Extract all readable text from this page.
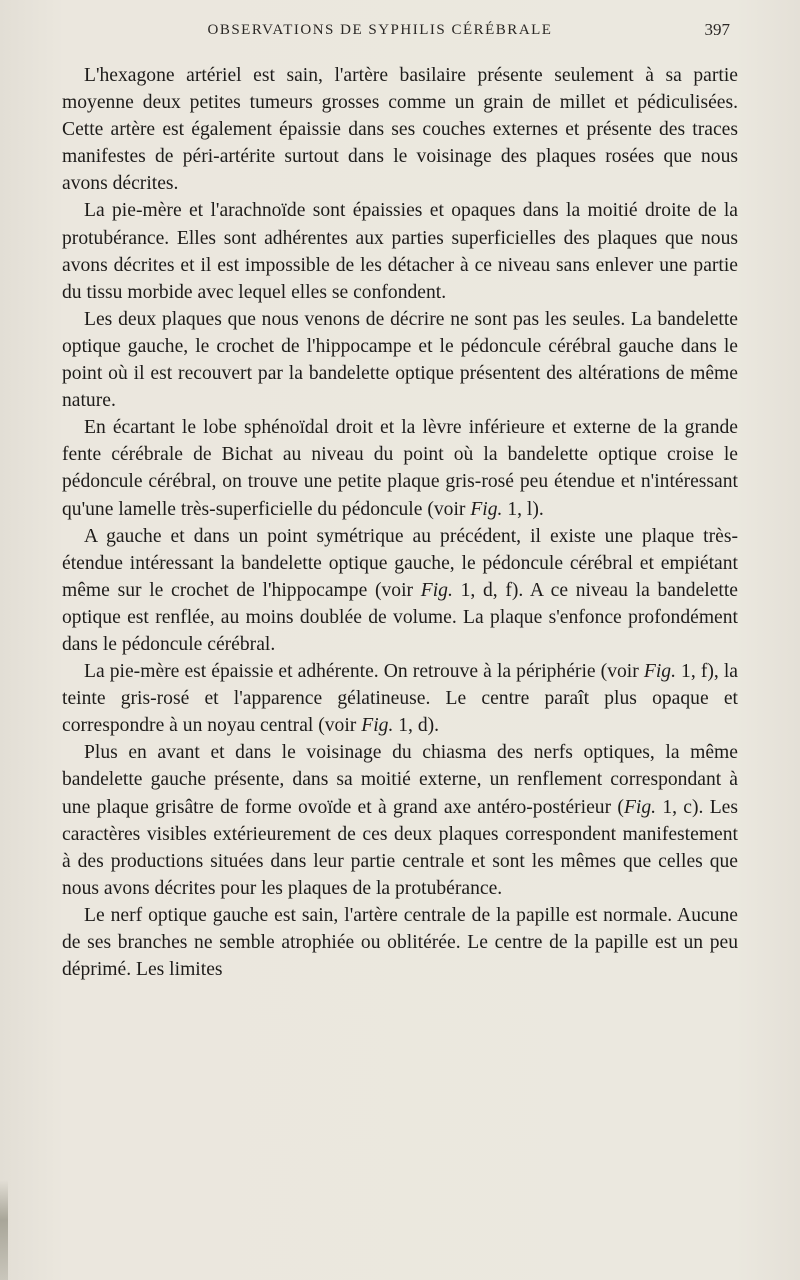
OBSERVATIONS DE SYPHILIS CÉRÉBRALE	397

L'hexagone artériel est sain, l'artère basilaire présente seulement à sa partie moyenne deux petites tumeurs grosses comme un grain de millet et pédiculisées. Cette artère est également épaissie dans ses couches externes et présente des traces manifestes de péri-artérite surtout dans le voisinage des plaques rosées que nous avons décrites.

La pie-mère et l'arachnoïde sont épaissies et opaques dans la moitié droite de la protubérance. Elles sont adhérentes aux parties superficielles des plaques que nous avons décrites et il est impossible de les détacher à ce niveau sans enlever une partie du tissu morbide avec lequel elles se confondent.

Les deux plaques que nous venons de décrire ne sont pas les seules. La bandelette optique gauche, le crochet de l'hippocampe et le pédoncule cérébral gauche dans le point où il est recouvert par la bandelette optique présentent des altérations de même nature.

En écartant le lobe sphénoïdal droit et la lèvre inférieure et externe de la grande fente cérébrale de Bichat au niveau du point où la bandelette optique croise le pédoncule cérébral, on trouve une petite plaque gris-rosé peu étendue et n'intéressant qu'une lamelle très-superficielle du pédoncule (voir Fig. 1, l).

A gauche et dans un point symétrique au précédent, il existe une plaque très-étendue intéressant la bandelette optique gauche, le pédoncule cérébral et empiétant même sur le crochet de l'hippocampe (voir Fig. 1, d, f). A ce niveau la bandelette optique est renflée, au moins doublée de volume. La plaque s'enfonce profondément dans le pédoncule cérébral.

La pie-mère est épaissie et adhérente. On retrouve à la périphérie (voir Fig. 1, f), la teinte gris-rosé et l'apparence gélatineuse. Le centre paraît plus opaque et correspondre à un noyau central (voir Fig. 1, d).

Plus en avant et dans le voisinage du chiasma des nerfs optiques, la même bandelette gauche présente, dans sa moitié externe, un renflement correspondant à une plaque grisâtre de forme ovoïde et à grand axe antéro-postérieur (Fig. 1, c). Les caractères visibles extérieurement de ces deux plaques correspondent manifestement à des productions situées dans leur partie centrale et sont les mêmes que celles que nous avons décrites pour les plaques de la protubérance.

Le nerf optique gauche est sain, l'artère centrale de la papille est normale. Aucune de ses branches ne semble atrophiée ou oblitérée. Le centre de la papille est un peu déprimé. Les limites
